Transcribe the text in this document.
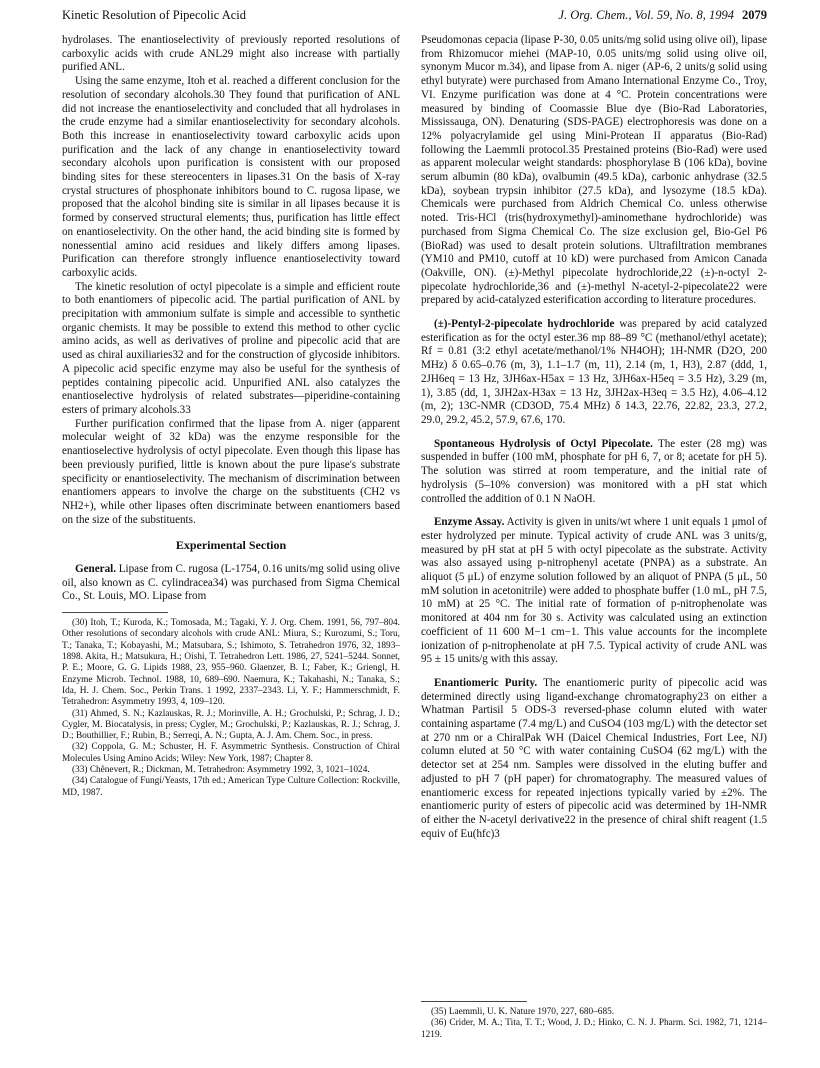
Kinetic Resolution of Pipecolic Acid	J. Org. Chem., Vol. 59, No. 8, 1994 2079

hydrolases. The enantioselectivity of previously reported resolutions of carboxylic acids with crude ANL29 might also increase with partially purified ANL.

Using the same enzyme, Itoh et al. reached a different conclusion for the resolution of secondary alcohols.30 They found that purification of ANL did not increase the enantioselectivity and concluded that all hydrolases in the crude enzyme had a similar enantioselectivity for secondary alcohols. Both this increase in enantioselectivity toward carboxylic acids upon purification and the lack of any change in enantioselectivity toward secondary alcohols upon purification is consistent with our proposed binding sites for these stereocenters in lipases.31 On the basis of X-ray crystal structures of phosphonate inhibitors bound to C. rugosa lipase, we proposed that the alcohol binding site is similar in all lipases because it is formed by conserved structural elements; thus, purification has little effect on enantioselectivity. On the other hand, the acid binding site is formed by nonessential amino acid residues and likely differs among lipases. Purification can therefore strongly influence enantioselectivity toward carboxylic acids.

The kinetic resolution of octyl pipecolate is a simple and efficient route to both enantiomers of pipecolic acid. The partial purification of ANL by precipitation with ammonium sulfate is simple and accessible to synthetic organic chemists. It may be possible to extend this method to other cyclic amino acids, as well as derivatives of proline and pipecolic acid that are used as chiral auxiliaries32 and for the construction of glycoside inhibitors. A pipecolic acid specific enzyme may also be useful for the synthesis of peptides containing pipecolic acid. Unpurified ANL also catalyzes the enantioselective hydrolysis of related substrates—piperidine-containing esters of primary alcohols.33

Further purification confirmed that the lipase from A. niger (apparent molecular weight of 32 kDa) was the enzyme responsible for the enantioselective hydrolysis of octyl pipecolate. Even though this lipase has been previously purified, little is known about the pure lipase's substrate specificity or enantioselectivity. The mechanism of discrimination between enantiomers appears to involve the charge on the substituents (CH2 vs NH2+), while other lipases often discriminate between enantiomers based on the size of the substituents.

Experimental Section

General. Lipase from C. rugosa (L-1754, 0.16 units/mg solid using olive oil, also known as C. cylindracea34) was purchased from Sigma Chemical Co., St. Louis, MO. Lipase from

(30) Itoh, T.; Kuroda, K.; Tomosada, M.; Tagaki, Y. J. Org. Chem. 1991, 56, 797–804. Other resolutions of secondary alcohols with crude ANL: Miura, S.; Kurozumi, S.; Toru, T.; Tanaka, T.; Kobayashi, M.; Matsubara, S.; Ishimoto, S. Tetrahedron 1976, 32, 1893–1898. Akita, H.; Matsukura, H.; Oishi, T. Tetrahedron Lett. 1986, 27, 5241–5244. Sonnet, P. E.; Moore, G. G. Lipids 1988, 23, 955–960. Glaenzer, B. I.; Faber, K.; Griengl, H. Enzyme Microb. Technol. 1988, 10, 689–690. Naemura, K.; Takahashi, N.; Tanaka, S.; Ida, H. J. Chem. Soc., Perkin Trans. 1 1992, 2337–2343. Li, Y. F.; Hammerschmidt, F. Tetrahedron: Asymmetry 1993, 4, 109–120.

(31) Ahmed, S. N.; Kazlauskas, R. J.; Morinville, A. H.; Grochulski, P.; Schrag, J. D.; Cygler, M. Biocatalysis, in press; Cygler, M.; Grochulski, P.; Kazlauskas, R. J.; Schrag, J. D.; Bouthillier, F.; Rubin, B.; Serreqi, A. N.; Gupta, A. J. Am. Chem. Soc., in press.

(32) Coppola, G. M.; Schuster, H. F. Asymmetric Synthesis. Construction of Chiral Molecules Using Amino Acids; Wiley: New York, 1987; Chapter 8.

(33) Chênevert, R.; Dickman, M. Tetrahedron: Asymmetry 1992, 3, 1021–1024.

(34) Catalogue of Fungi/Yeasts, 17th ed.; American Type Culture Collection: Rockville, MD, 1987.

Pseudomonas cepacia (lipase P-30, 0.05 units/mg solid using olive oil), lipase from Rhizomucor miehei (MAP-10, 0.05 units/mg solid using olive oil, synonym Mucor m.34), and lipase from A. niger (AP-6, 2 units/g solid using ethyl butyrate) were purchased from Amano International Enzyme Co., Troy, VI. Enzyme purification was done at 4 °C. Protein concentrations were measured by binding of Coomassie Blue dye (Bio-Rad Laboratories, Mississauga, ON). Denaturing (SDS-PAGE) electrophoresis was done on a 12% polyacrylamide gel using Mini-Protean II apparatus (Bio-Rad) following the Laemmli protocol.35 Prestained proteins (Bio-Rad) were used as apparent molecular weight standards: phosphorylase B (106 kDa), bovine serum albumin (80 kDa), ovalbumin (49.5 kDa), carbonic anhydrase (32.5 kDa), soybean trypsin inhibitor (27.5 kDa), and lysozyme (18.5 kDa). Chemicals were purchased from Aldrich Chemical Co. unless otherwise noted. Tris-HCl (tris(hydroxymethyl)-aminomethane hydrochloride) was purchased from Sigma Chemical Co. The size exclusion gel, Bio-Gel P6 (BioRad) was used to desalt protein solutions. Ultrafiltration membranes (YM10 and PM10, cutoff at 10 kD) were purchased from Amicon Canada (Oakville, ON). (±)-Methyl pipecolate hydrochloride,22 (±)-n-octyl 2-pipecolate hydrochloride,36 and (±)-methyl N-acetyl-2-pipecolate22 were prepared by acid-catalyzed esterification according to literature procedures.

(±)-Pentyl-2-pipecolate hydrochloride was prepared by acid catalyzed esterification as for the octyl ester.36 mp 88–89 °C (methanol/ethyl acetate); Rf = 0.81 (3:2 ethyl acetate/methanol/1% NH4OH); 1H-NMR (D2O, 200 MHz) δ 0.65–0.76 (m, 3), 1.1–1.7 (m, 11), 2.14 (m, 1, H3), 2.87 (ddd, 1, 2JH6eq = 13 Hz, 3JH6ax-H5ax = 13 Hz, 3JH6ax-H5eq = 3.5 Hz), 3.29 (m, 1), 3.85 (dd, 1, 3JH2ax-H3ax = 13 Hz, 3JH2ax-H3eq = 3.5 Hz), 4.06–4.12 (m, 2); 13C-NMR (CD3OD, 75.4 MHz) δ 14.3, 22.76, 22.82, 23.3, 27.2, 29.0, 29.2, 45.2, 57.9, 67.6, 170.

Spontaneous Hydrolysis of Octyl Pipecolate. The ester (28 mg) was suspended in buffer (100 mM, phosphate for pH 6, 7, or 8; acetate for pH 5). The solution was stirred at room temperature, and the initial rate of hydrolysis (5–10% conversion) was monitored with a pH stat which controlled the addition of 0.1 N NaOH.

Enzyme Assay. Activity is given in units/wt where 1 unit equals 1 μmol of ester hydrolyzed per minute. Typical activity of crude ANL was 3 units/g, measured by pH stat at pH 5 with octyl pipecolate as the substrate. Activity was also assayed using p-nitrophenyl acetate (PNPA) as a substrate. An aliquot (5 μL) of enzyme solution followed by an aliquot of PNPA (5 μL, 50 mM solution in acetonitrile) were added to phosphate buffer (1.0 mL, pH 7.5, 10 mM) at 25 °C. The initial rate of formation of p-nitrophenolate was monitored at 404 nm for 30 s. Activity was calculated using an extinction coefficient of 11 600 M−1 cm−1. This value accounts for the incomplete ionization of p-nitrophenolate at pH 7.5. Typical activity of crude ANL was 95 ± 15 units/g with this assay.

Enantiomeric Purity. The enantiomeric purity of pipecolic acid was determined directly using ligand-exchange chromatography23 on either a Whatman Partisil 5 ODS-3 reversed-phase column eluted with water containing aspartame (7.4 mg/L) and CuSO4 (103 mg/L) with the detector set at 270 nm or a ChiralPak WH (Daicel Chemical Industries, Fort Lee, NJ) column eluted at 50 °C with water containing CuSO4 (62 mg/L) with the detector set at 254 nm. Samples were dissolved in the eluting buffer and adjusted to pH 7 (pH paper) for chromatography. The measured values of enantiomeric excess for repeated injections typically varied by ±2%. The enantiomeric purity of esters of pipecolic acid was determined by 1H-NMR of either the N-acetyl derivative22 in the presence of chiral shift reagent (1.5 equiv of Eu(hfc)3

(35) Laemmli, U. K. Nature 1970, 227, 680–685.

(36) Crider, M. A.; Tita, T. T.; Wood, J. D.; Hinko, C. N. J. Pharm. Sci. 1982, 71, 1214–1219.
